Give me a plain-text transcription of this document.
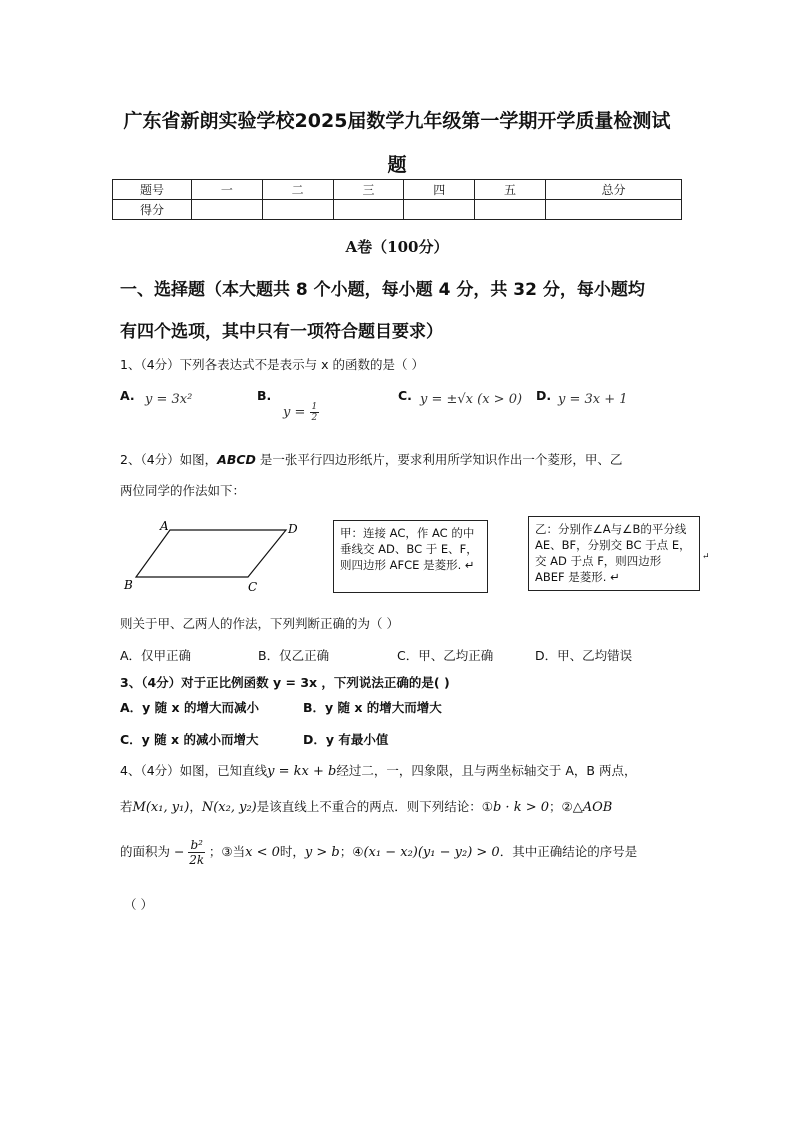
广东省新朗实验学校2025届数学九年级第一学期开学质量检测试
题
题号	一	二	三	四	五	总分
得分						
A卷（100分）
一、选择题（本大题共 8 个小题，每小题 4 分，共 32 分，每小题均
有四个选项，其中只有一项符合题目要求）
1、（4分）下列各表达式不是表示与 x 的函数的是（ ）
A. y = 3x²	B.
$y = \frac{1}{2}$
C. y = ±√x (x > 0) D. y = 3x + 1
2、（4分）如图，ABCD 是一张平行四边形纸片，要求利用所学知识作出一个菱形，甲、乙
两位同学的作法如下：
A	D
B	C
甲：连接 AC，作 AC 的中垂线交 AD、BC 于 E、F，则四边形 AFCE 是菱形. ↵
乙：分别作∠A与∠B的平分线 AE、BF，分别交 BC 于点 E，交 AD 于点 F，则四边形 ABEF 是菱形. ↵
↵
则关于甲、乙两人的作法，下列判断正确的为（ ）
A．仅甲正确	B．仅乙正确	C．甲、乙均正确	D．甲、乙均错误
3、（4分）对于正比例函数 y = 3x ，下列说法正确的是( )
A．y 随 x 的增大而减小	B．y 随 x 的增大而增大
C．y 随 x 的减小而增大	D．y 有最小值
4、（4分）如图，已知直线y = kx + b经过二，一，四象限，且与两坐标轴交于 A，B 两点，
若M(x₁, y₁)，N(x₂, y₂)是该直线上不重合的两点．则下列结论：①b · k > 0；②△AOB
的面积为 − $\frac{\text{b²}}{2k}$ ；③当x < 0时，y > b；④(x₁ − x₂)(y₁ − y₂) > 0．其中正确结论的序号是
（ ）
